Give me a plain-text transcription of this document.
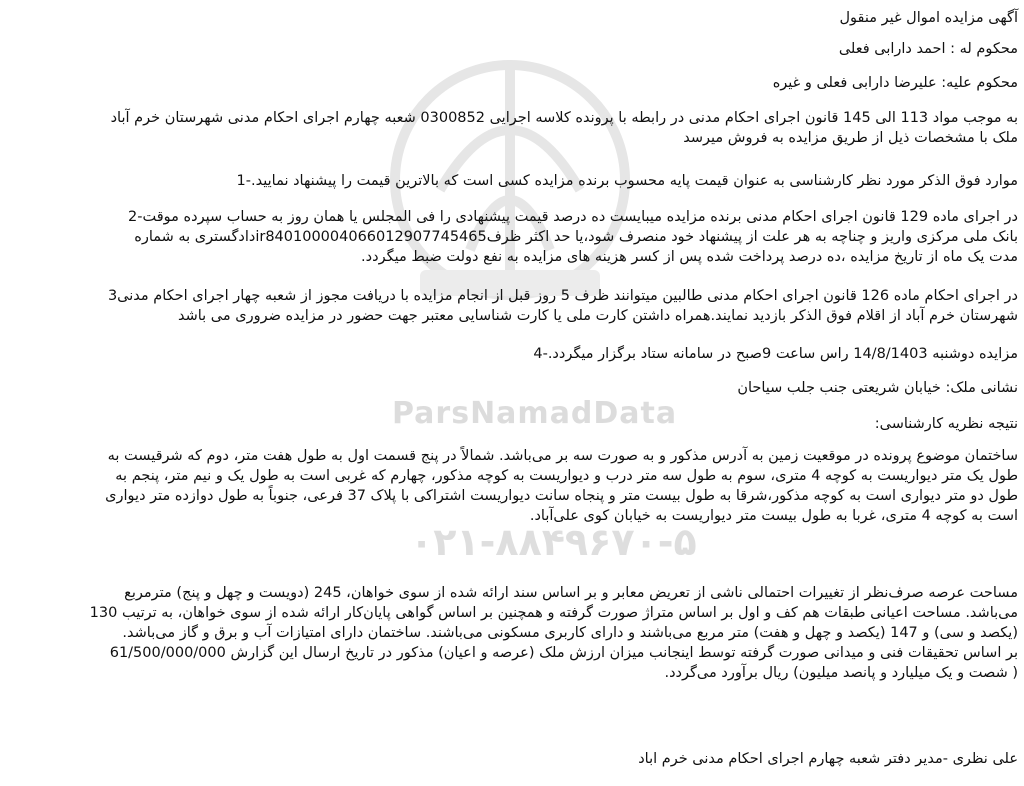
ParsNamadData
۰۲۱-۸۸۴۹۶۷۰-۵
آگهی مزایده اموال غیر منقول
محکوم له : احمد دارابی فعلی
محکوم علیه: علیرضا دارابی فعلی و غیره
به موجب مواد 113 الی 145 قانون اجرای احکام مدنی در رابطه با پرونده کلاسه اجرایی 0300852 شعبه چهارم اجرای احکام مدنی شهرستان خرم آباد
ملک با مشخصات ذیل از طریق مزایده به فروش میرسد
موارد فوق الذکر مورد نظر کارشناسی به عنوان قیمت پایه محسوب برنده مزایده کسی است که بالاترین قیمت را پیشنهاد نمایید.-1
در اجرای ماده 129 قانون اجرای احکام مدنی برنده مزایده میبایست ده درصد قیمت پیشنهادی را فی المجلس یا همان روز به حساب سپرده موقت-2
بانک ملی مرکزی واریز و چناچه به هر علت از پیشنهاد خود منصرف شود،یا حد اکثر ظرفir840100004066012907745465دادگستری به شماره
مدت یک ماه از تاریخ مزایده ،ده درصد پرداخت شده پس از کسر هزینه های مزایده به نفع دولت ضبط میگردد.
در اجرای احکام ماده 126 قانون اجرای احکام مدنی طالبین میتوانند ظرف 5 روز قبل از انجام مزایده با دریافت مجوز از شعبه چهار اجرای احکام مدنی3
شهرستان خرم آباد از اقلام فوق الذکر بازدید نمایند.همراه داشتن کارت ملی یا کارت شناسایی معتبر جهت حضور در مزایده ضروری می باشد
مزایده دوشنبه 14/8/1403 راس ساعت 9صبح در سامانه ستاد برگزار میگردد.-4
نشانی ملک: خیابان شریعتی جنب جلب سیاحان
نتیجه نظریه کارشناسی:
ساختمان موضوع پرونده در موقعیت زمین به آدرس مذکور و به صورت سه بر می‌باشد. شمالاً در پنج قسمت اول به طول هفت متر، دوم که شرقیست به
طول یک متر دیواریست به کوچه 4 متری، سوم به طول سه متر درب و دیواریست به کوچه مذکور، چهارم که غربی است به طول یک و نیم متر، پنجم به
طول دو متر دیواری است به کوچه مذکور،شرقا به طول بیست متر و پنجاه سانت دیواریست اشتراکی با پلاک 37 فرعی، جنوباً به طول دوازده متر دیواری
است به کوچه 4 متری، غربا به طول بیست متر دیواریست به خیابان کوی علی‌آباد.
مساحت عرصه صرف‌نظر از تغییرات احتمالی ناشی از تعریض معابر و بر اساس سند ارائه شده از سوی خواهان، 245 (دویست و چهل و پنج) مترمربع
می‌باشد. مساحت اعیانی طبقات هم کف و اول بر اساس متراژ صورت گرفته و همچنین بر اساس گواهی پایان‌کار ارائه شده از سوی خواهان، به ترتیب 130
(یکصد و سی) و 147 (یکصد و چهل و هفت) متر مربع می‌باشند و دارای کاربری مسکونی می‌باشند. ساختمان دارای امتیازات آب و برق و گاز می‌باشد.
بر اساس تحقیقات فنی و میدانی صورت گرفته توسط اینجانب میزان ارزش ملک (عرصه و اعیان) مذکور در تاریخ ارسال این گزارش 61/500/000/000
( شصت و یک میلیارد و پانصد میلیون) ریال برآورد می‌گردد.
علی نظری -مدیر دفتر شعبه چهارم اجرای احکام مدنی خرم اباد
